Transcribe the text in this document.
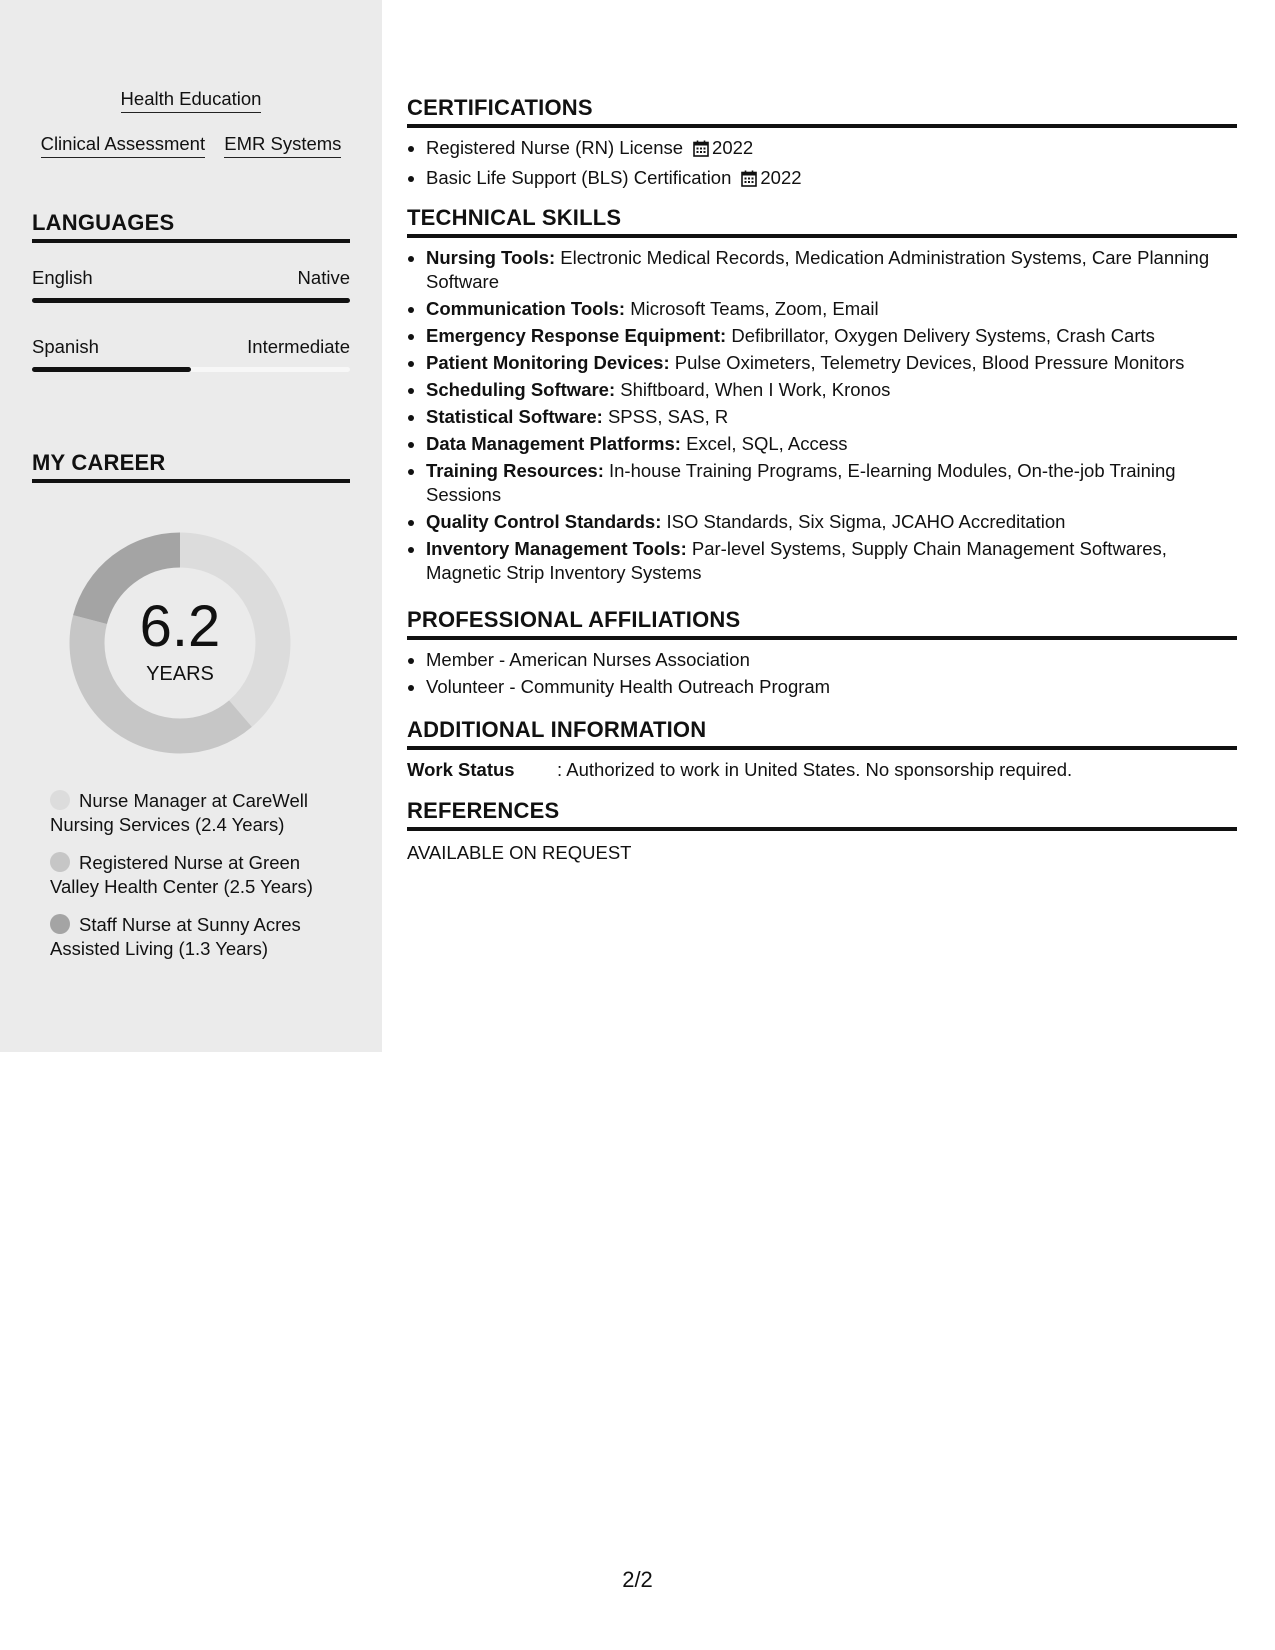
Health Education
Clinical Assessment EMR Systems
LANGUAGES
English	Native
Spanish	Intermediate
MY CAREER
6.2
YEARS
Nurse Manager at CareWell Nursing Services (2.4 Years)
Registered Nurse at Green Valley Health Center (2.5 Years)
Staff Nurse at Sunny Acres Assisted Living (1.3 Years)
CERTIFICATIONS
• Registered Nurse (RN) License 2022
• Basic Life Support (BLS) Certification 2022
TECHNICAL SKILLS
• Nursing Tools: Electronic Medical Records, Medication Administration Systems, Care Planning Software
• Communication Tools: Microsoft Teams, Zoom, Email
• Emergency Response Equipment: Defibrillator, Oxygen Delivery Systems, Crash Carts
• Patient Monitoring Devices: Pulse Oximeters, Telemetry Devices, Blood Pressure Monitors
• Scheduling Software: Shiftboard, When I Work, Kronos
• Statistical Software: SPSS, SAS, R
• Data Management Platforms: Excel, SQL, Access
• Training Resources: In-house Training Programs, E-learning Modules, On-the-job Training Sessions
• Quality Control Standards: ISO Standards, Six Sigma, JCAHO Accreditation
• Inventory Management Tools: Par-level Systems, Supply Chain Management Softwares, Magnetic Strip Inventory Systems
PROFESSIONAL AFFILIATIONS
• Member - American Nurses Association
• Volunteer - Community Health Outreach Program
ADDITIONAL INFORMATION
Work Status : Authorized to work in United States. No sponsorship required.
REFERENCES
AVAILABLE ON REQUEST
2/2
